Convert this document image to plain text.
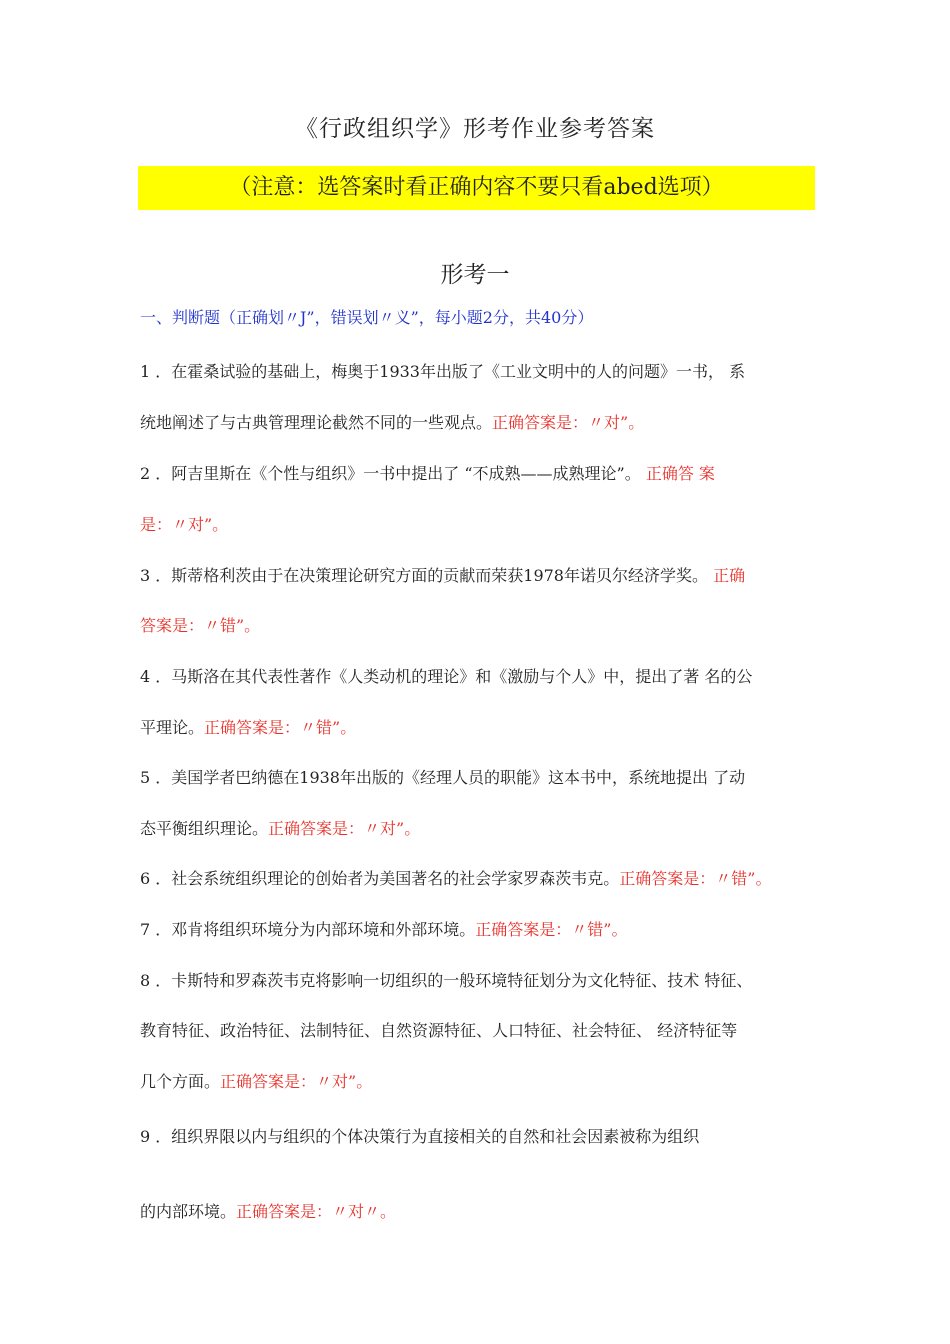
《行政组织学》形考作业参考答案
（注意：选答案时看正确内容不要只看abed选项）
形考一
一、判断题（正确划〃J”，错误划〃义”，每小题2分，共40分）
1 ．在霍桑试验的基础上，梅奥于1933年出版了《工业文明中的人的问题》一书， 系
统地阐述了与古典管理理论截然不同的一些观点。正确答案是：〃对”。
2 ．阿吉里斯在《个性与组织》一书中提出了 “不成熟——成熟理论”。 正确答 案
是：〃对”。
3 ．斯蒂格利茨由于在决策理论研究方面的贡献而荣获1978年诺贝尔经济学奖。 正确
答案是：〃错”。
4 ．马斯洛在其代表性著作《人类动机的理论》和《激励与个人》中，提出了著 名的公
平理论。正确答案是：〃错”。
5 ．美国学者巴纳德在1938年出版的《经理人员的职能》这本书中，系统地提出 了动
态平衡组织理论。正确答案是：〃对”。
6 ．社会系统组织理论的创始者为美国著名的社会学家罗森茨韦克。正确答案是：〃错”。
7 ．邓肯将组织环境分为内部环境和外部环境。正确答案是：〃错”。
8 ．卡斯特和罗森茨韦克将影响一切组织的一般环境特征划分为文化特征、技术 特征、
教育特征、政治特征、法制特征、自然资源特征、人口特征、社会特征、 经济特征等
几个方面。正确答案是：〃对”。
9 ．组织界限以内与组织的个体决策行为直接相关的自然和社会因素被称为组织
的内部环境。正确答案是：〃对〃。
